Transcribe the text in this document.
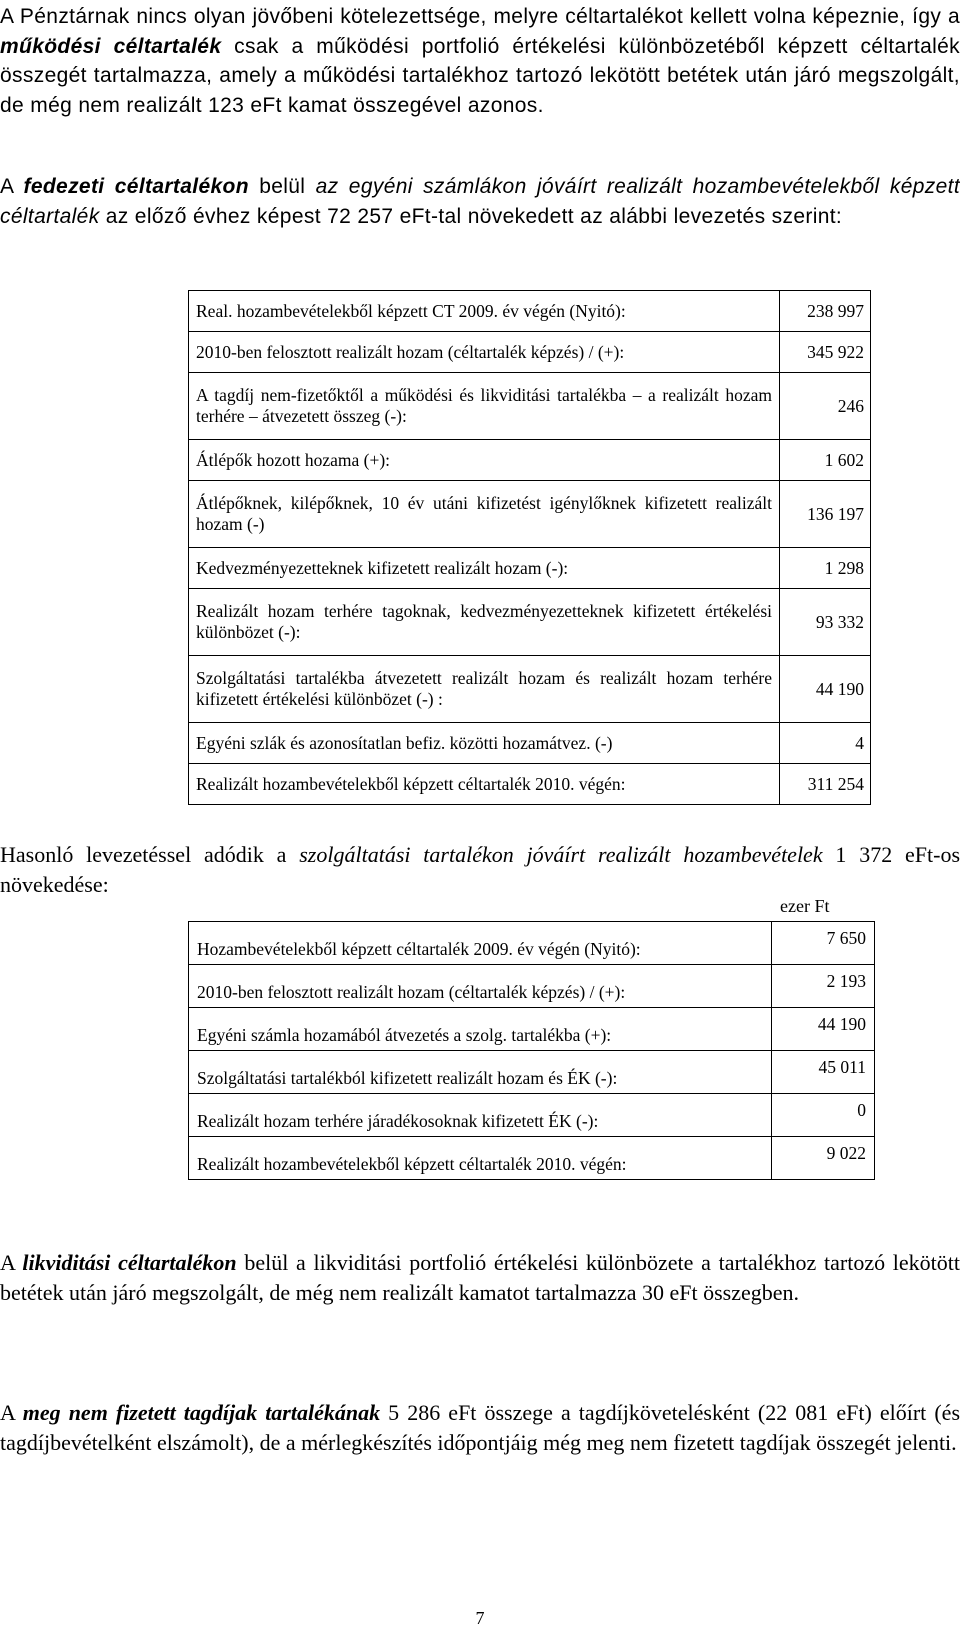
A Pénztárnak nincs olyan jövőbeni kötelezettsége, melyre céltartalékot kellett volna képeznie, így a működési céltartalék csak a működési portfolió értékelési különbözetéből képzett céltartalék összegét tartalmazza, amely a működési tartalékhoz tartozó lekötött betétek után járó megszolgált, de még nem realizált 123 eFt kamat összegével azonos.

A fedezeti céltartalékon belül az egyéni számlákon jóváírt realizált hozambevételekből képzett céltartalék az előző évhez képest 72 257 eFt-tal növekedett az alábbi levezetés szerint:

Real. hozambevételekből képzett CT 2009. év végén (Nyitó):	238 997
2010-ben felosztott realizált hozam (céltartalék képzés) / (+):	345 922
A tagdíj nem-fizetőktől a működési és likviditási tartalékba – a realizált hozam terhére – átvezetett összeg (-):	246
Átlépők hozott hozama (+):	1 602
Átlépőknek, kilépőknek, 10 év utáni kifizetést igénylőknek kifizetett realizált hozam (-)	136 197
Kedvezményezetteknek kifizetett realizált hozam (-):	1 298
Realizált hozam terhére tagoknak, kedvezményezetteknek kifizetett értékelési különbözet (-):	93 332
Szolgáltatási tartalékba átvezetett realizált hozam és realizált hozam terhére kifizetett értékelési különbözet (-) :	44 190
Egyéni szlák és azonosítatlan befiz. közötti hozamátvez. (-)	4
Realizált hozambevételekből képzett céltartalék 2010. végén:	311 254

Hasonló levezetéssel adódik a szolgáltatási tartalékon jóváírt realizált hozambevételek 1 372 eFt-os növekedése:

ezer Ft
Hozambevételekből képzett céltartalék 2009. év végén (Nyitó):	7 650
2010-ben felosztott realizált hozam (céltartalék képzés) / (+):	2 193
Egyéni számla hozamából átvezetés a szolg. tartalékba (+):	44 190
Szolgáltatási tartalékból kifizetett realizált hozam és ÉK (-):	45 011
Realizált hozam terhére járadékosoknak kifizetett ÉK (-):	0
Realizált hozambevételekből képzett céltartalék 2010. végén:	9 022

A likviditási céltartalékon belül a likviditási portfolió értékelési különbözete a tartalékhoz tartozó lekötött betétek után járó megszolgált, de még nem realizált kamatot tartalmazza 30 eFt összegben.

A meg nem fizetett tagdíjak tartalékának 5 286 eFt összege a tagdíjkövetelésként (22 081 eFt) előírt (és tagdíjbevételként elszámolt), de a mérlegkészítés időpontjáig még meg nem fizetett tagdíjak összegét jelenti.

7
